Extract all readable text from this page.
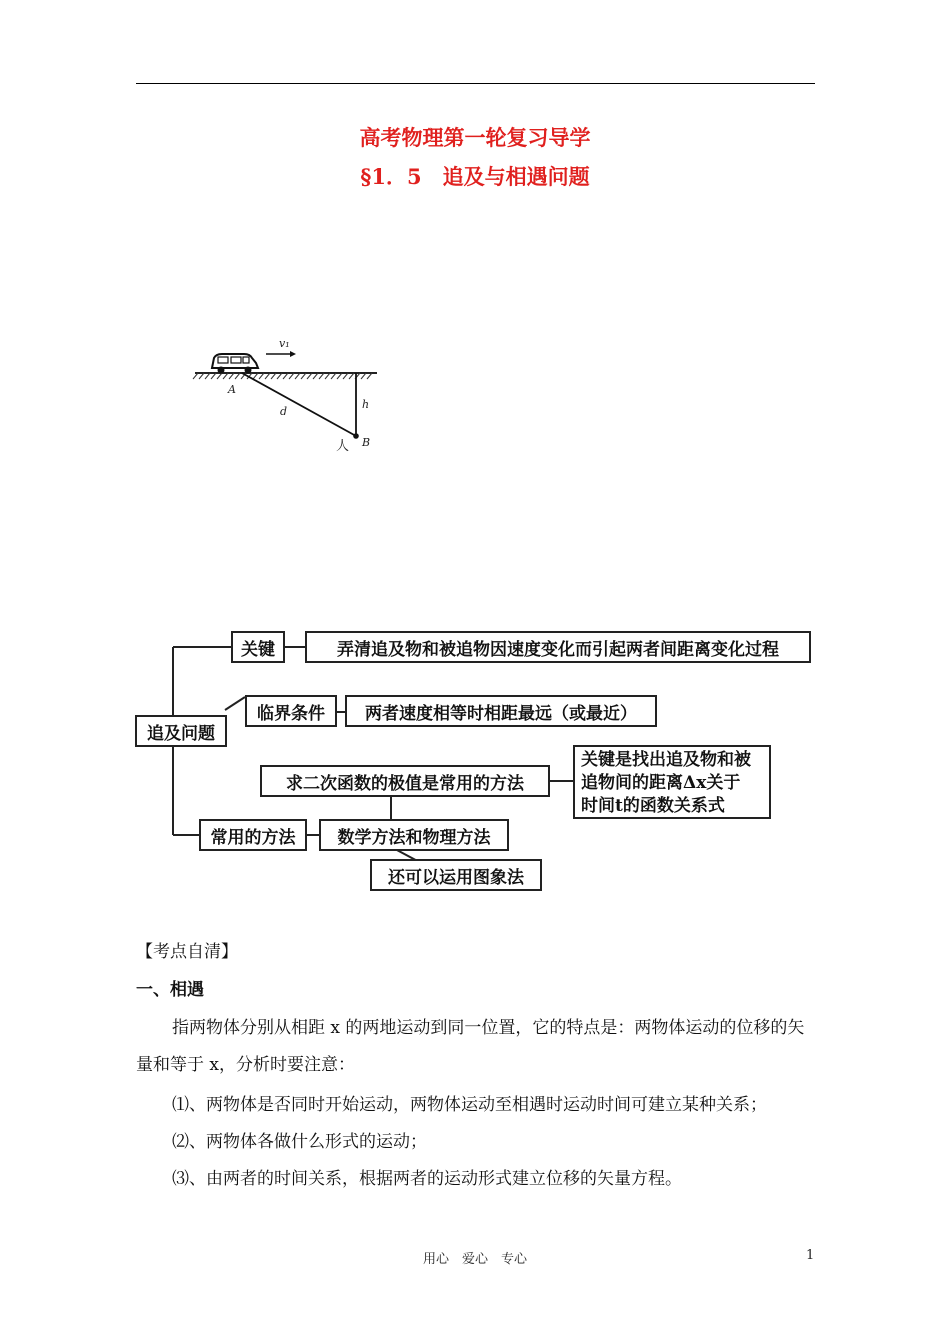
高考物理第一轮复习导学
§1．5　追及与相遇问题
v₁
A
d
h
人 B
追及问题
关键	弄清追及物和被追物因速度变化而引起两者间距离变化过程
临界条件	两者速度相等时相距最远（或最近）
求二次函数的极值是常用的方法
关键是找出追及物和被
追物间的距离Δx关于
时间t的函数关系式
常用的方法	数学方法和物理方法
还可以运用图象法
【考点自清】
一、相遇
指两物体分别从相距 x 的两地运动到同一位置，它的特点是：两物体运动的位移的矢量和等于 x，分析时要注意：
⑴、两物体是否同时开始运动，两物体运动至相遇时运动时间可建立某种关系；
⑵、两物体各做什么形式的运动；
⑶、由两者的时间关系，根据两者的运动形式建立位移的矢量方程。
用心　爱心　专心	1
